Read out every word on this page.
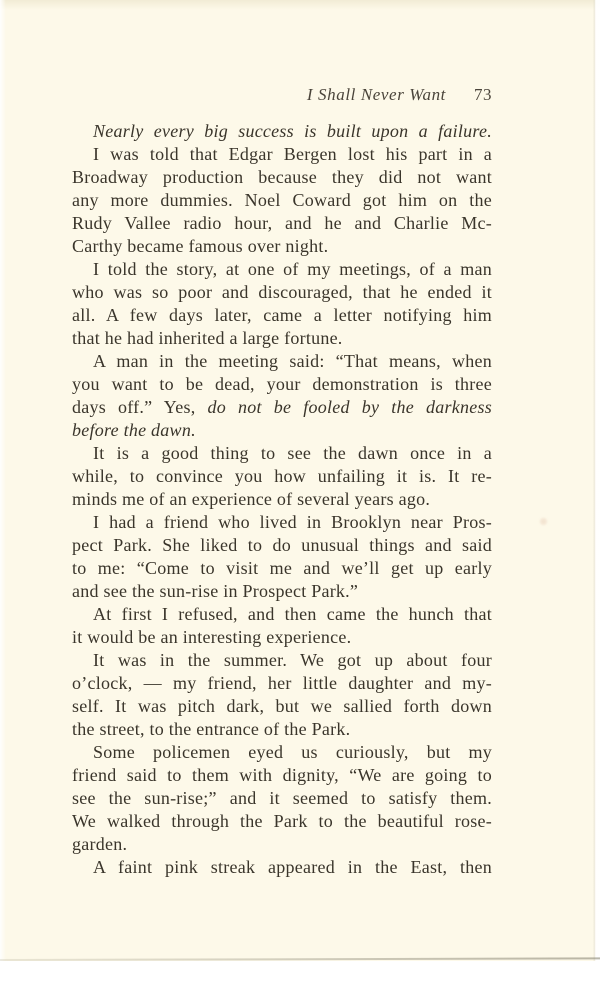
I Shall Never Want 73
Nearly every big success is built upon a failure.
I was told that Edgar Bergen lost his part in a
Broadway production because they did not want
any more dummies. Noel Coward got him on the
Rudy Vallee radio hour, and he and Charlie Mc-
Carthy became famous over night.
I told the story, at one of my meetings, of a man
who was so poor and discouraged, that he ended it
all. A few days later, came a letter notifying him
that he had inherited a large fortune.
A man in the meeting said: “That means, when
you want to be dead, your demonstration is three
days off.” Yes, do not be fooled by the darkness
before the dawn.
It is a good thing to see the dawn once in a
while, to convince you how unfailing it is. It re-
minds me of an experience of several years ago.
I had a friend who lived in Brooklyn near Pros-
pect Park. She liked to do unusual things and said
to me: “Come to visit me and we’ll get up early
and see the sun-rise in Prospect Park.”
At first I refused, and then came the hunch that
it would be an interesting experience.
It was in the summer. We got up about four
o’clock, — my friend, her little daughter and my-
self. It was pitch dark, but we sallied forth down
the street, to the entrance of the Park.
Some policemen eyed us curiously, but my
friend said to them with dignity, “We are going to
see the sun-rise;” and it seemed to satisfy them.
We walked through the Park to the beautiful rose-
garden.
A faint pink streak appeared in the East, then
